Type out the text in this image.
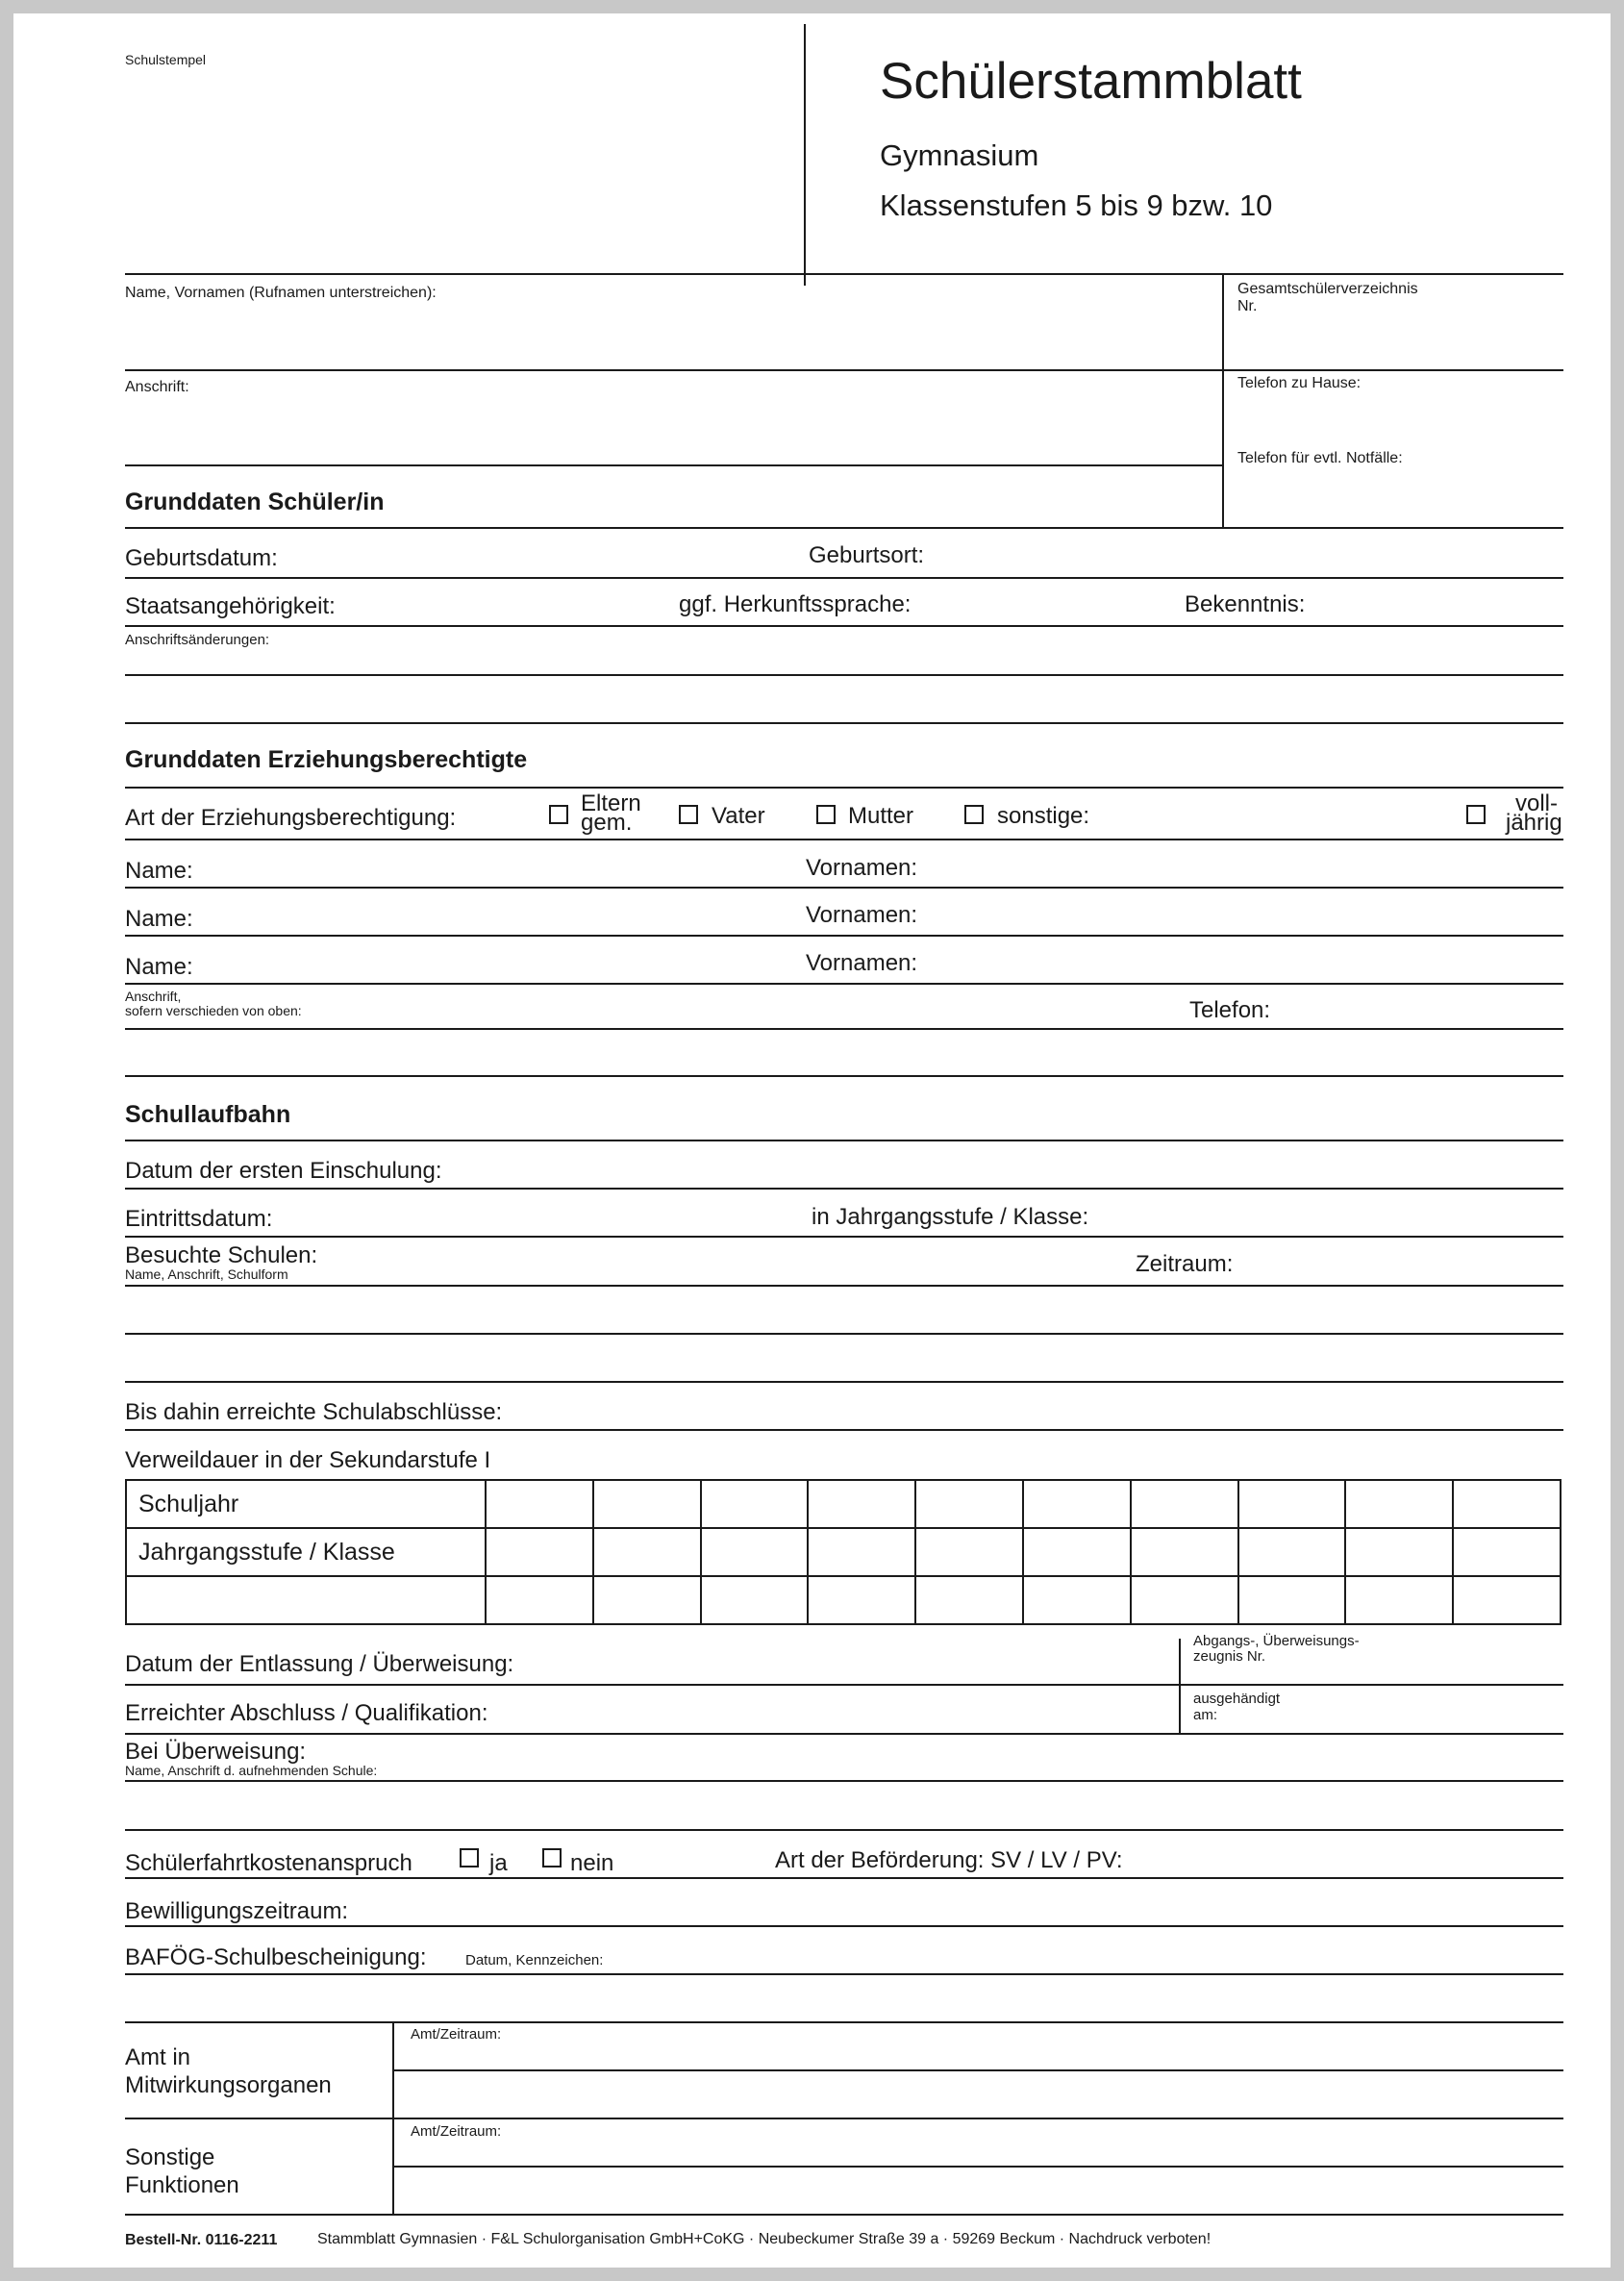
Schulstempel	Schülerstammblatt
Gymnasium
Klassenstufen 5 bis 9 bzw. 10
Name, Vornamen (Rufnamen unterstreichen):	Gesamtschülerverzeichnis
Nr.
Anschrift:	Telefon zu Hause:
Telefon für evtl. Notfälle:
Grunddaten Schüler/in
Geburtsdatum:	Geburtsort:
Staatsangehörigkeit:	ggf. Herkunftssprache:	Bekenntnis:
Anschriftsänderungen:
Grunddaten Erziehungsberechtigte
Art der Erziehungsberechtigung:
Eltern
gem.	Vater	Mutter	sonstige:	voll-
jährig
Name:	Vornamen:
Name:	Vornamen:
Name:	Vornamen:
Anschrift,
sofern verschieden von oben:	Telefon:
Schullaufbahn
Datum der ersten Einschulung:
Eintrittsdatum:	in Jahrgangsstufe / Klasse:
Besuchte Schulen:
Name, Anschrift, Schulform	Zeitraum:
Bis dahin erreichte Schulabschlüsse:
Verweildauer in der Sekundarstufe I
Schuljahr										
Jahrgangsstufe / Klasse										

Datum der Entlassung / Überweisung:
Abgangs-, Überweisungs-
zeugnis Nr.
Erreichter Abschluss / Qualifikation:
ausgehändigt
am:
Bei Überweisung:
Name, Anschrift d. aufnehmenden Schule:
Schülerfahrtkostenanspruch	ja	nein	Art der Beförderung: SV / LV / PV:
Bewilligungszeitraum:
BAFÖG-Schulbescheinigung:	Datum, Kennzeichen:
Amt in
Mitwirkungsorganen
Amt/Zeitraum:
Sonstige
Funktionen
Amt/Zeitraum:
Bestell-Nr. 0116-2211	Stammblatt Gymnasien · F&L Schulorganisation GmbH+CoKG · Neubeckumer Straße 39 a · 59269 Beckum · Nachdruck verboten!
